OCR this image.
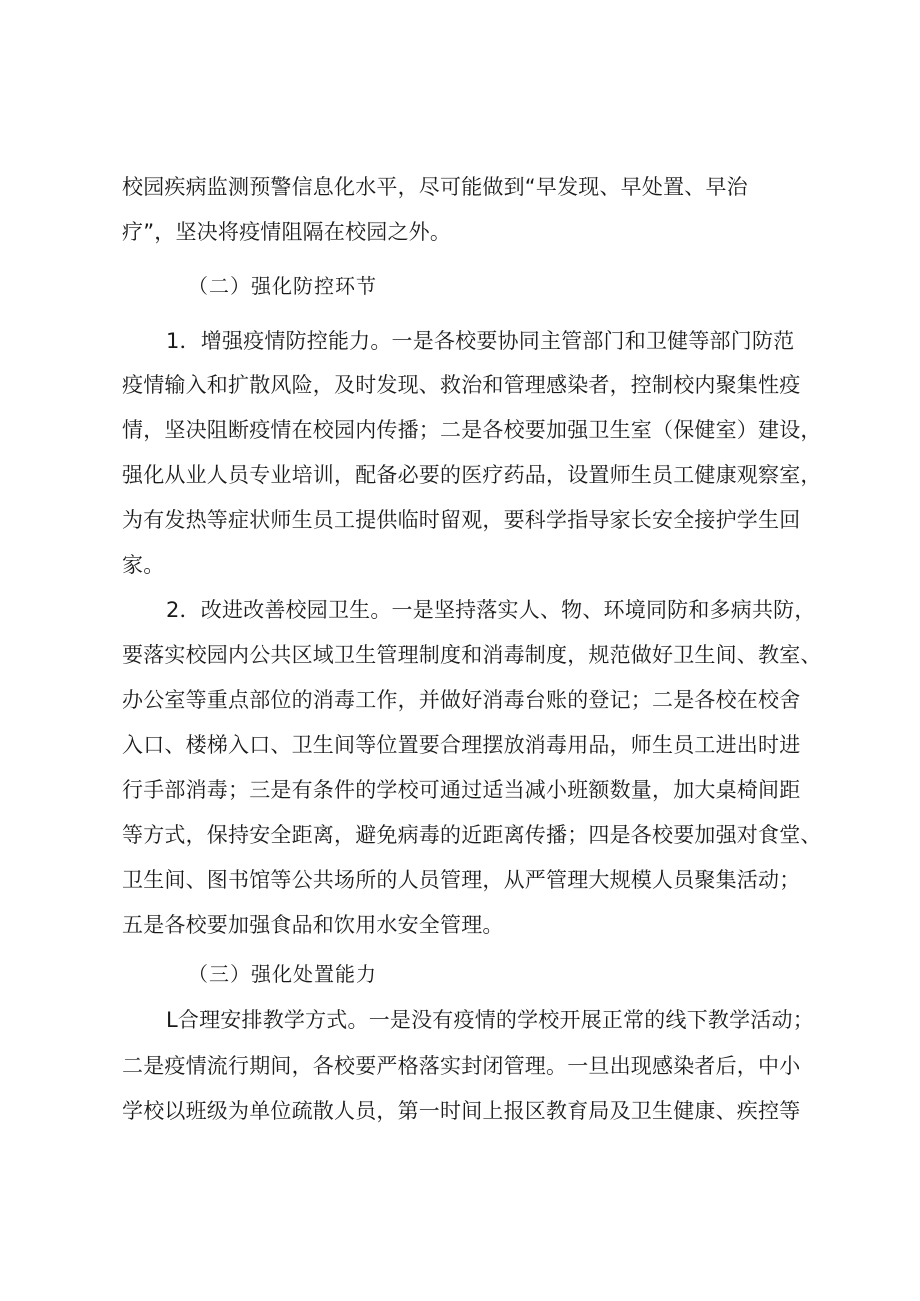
校园疾病监测预警信息化水平，尽可能做到“早发现、早处置、早治
疗”，坚决将疫情阻隔在校园之外。
（二）强化防控环节
1．增强疫情防控能力。一是各校要协同主管部门和卫健等部门防范
疫情输入和扩散风险，及时发现、救治和管理感染者，控制校内聚集性疫
情，坚决阻断疫情在校园内传播；二是各校要加强卫生室（保健室）建设，
强化从业人员专业培训，配备必要的医疗药品，设置师生员工健康观察室，
为有发热等症状师生员工提供临时留观，要科学指导家长安全接护学生回
家。
2．改进改善校园卫生。一是坚持落实人、物、环境同防和多病共防，
要落实校园内公共区域卫生管理制度和消毒制度，规范做好卫生间、教室、
办公室等重点部位的消毒工作，并做好消毒台账的登记；二是各校在校舍
入口、楼梯入口、卫生间等位置要合理摆放消毒用品，师生员工进出时进
行手部消毒；三是有条件的学校可通过适当减小班额数量，加大桌椅间距
等方式，保持安全距离，避免病毒的近距离传播；四是各校要加强对食堂、
卫生间、图书馆等公共场所的人员管理，从严管理大规模人员聚集活动；
五是各校要加强食品和饮用水安全管理。
（三）强化处置能力
L合理安排教学方式。一是没有疫情的学校开展正常的线下教学活动；
二是疫情流行期间，各校要严格落实封闭管理。一旦出现感染者后，中小
学校以班级为单位疏散人员，第一时间上报区教育局及卫生健康、疾控等
